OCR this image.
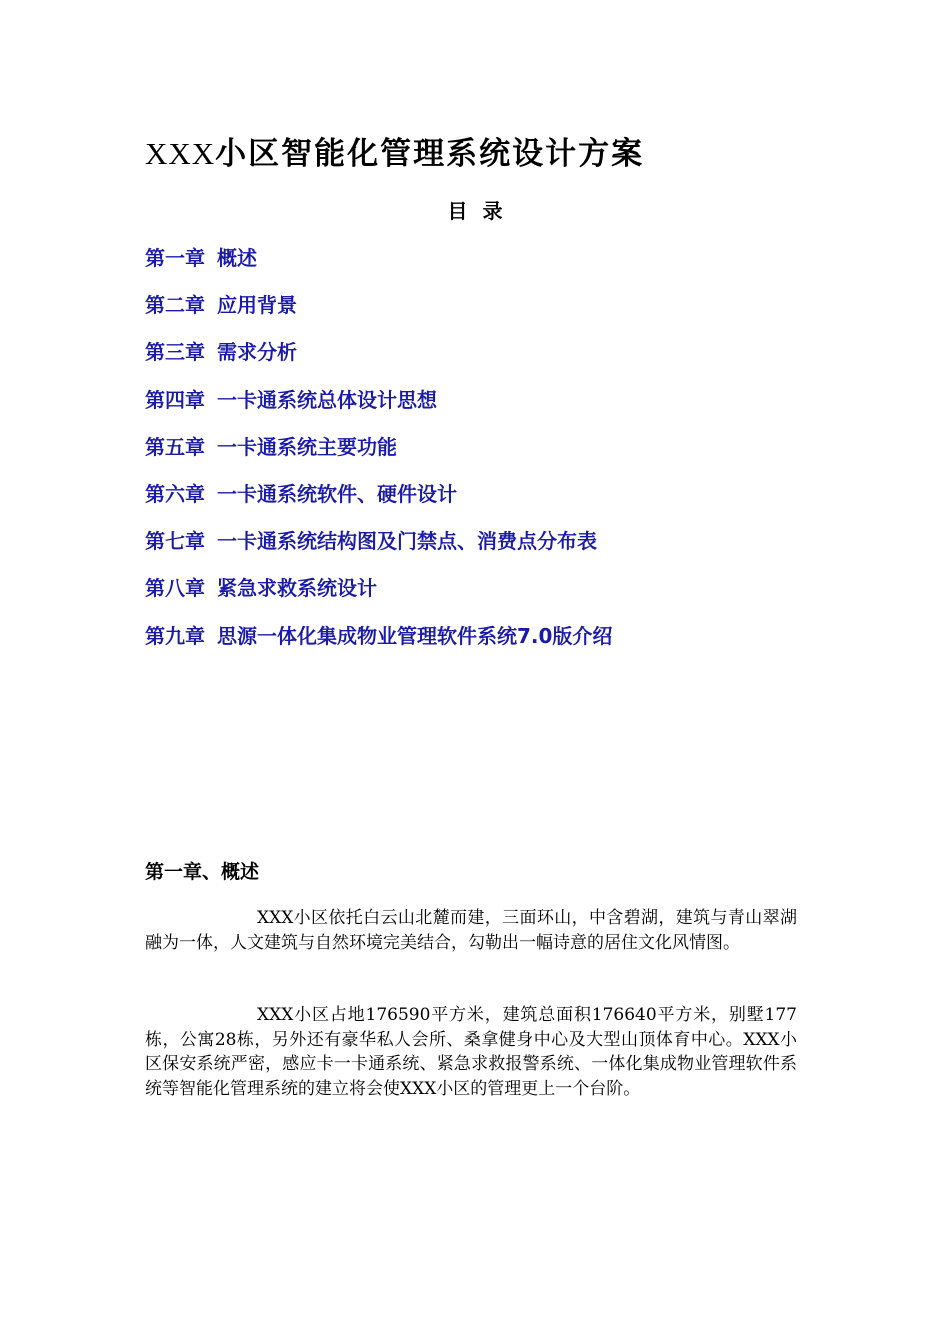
XXX小区智能化管理系统设计方案
目 录
第一章 概述
第二章 应用背景
第三章 需求分析
第四章 一卡通系统总体设计思想
第五章 一卡通系统主要功能
第六章 一卡通系统软件、硬件设计
第七章 一卡通系统结构图及门禁点、消费点分布表
第八章 紧急求救系统设计
第九章 思源一体化集成物业管理软件系统7.0版介绍
第一章、概述

XXX小区依托白云山北麓而建，三面环山，中含碧湖，建筑与青山翠湖融为一体，人文建筑与自然环境完美结合，勾勒出一幅诗意的居住文化风情图。

XXX小区占地176590平方米，建筑总面积176640平方米，别墅177栋，公寓28栋，另外还有豪华私人会所、桑拿健身中心及大型山顶体育中心。XXX小区保安系统严密，感应卡一卡通系统、紧急求救报警系统、一体化集成物业管理软件系统等智能化管理系统的建立将会使XXX小区的管理更上一个台阶。
